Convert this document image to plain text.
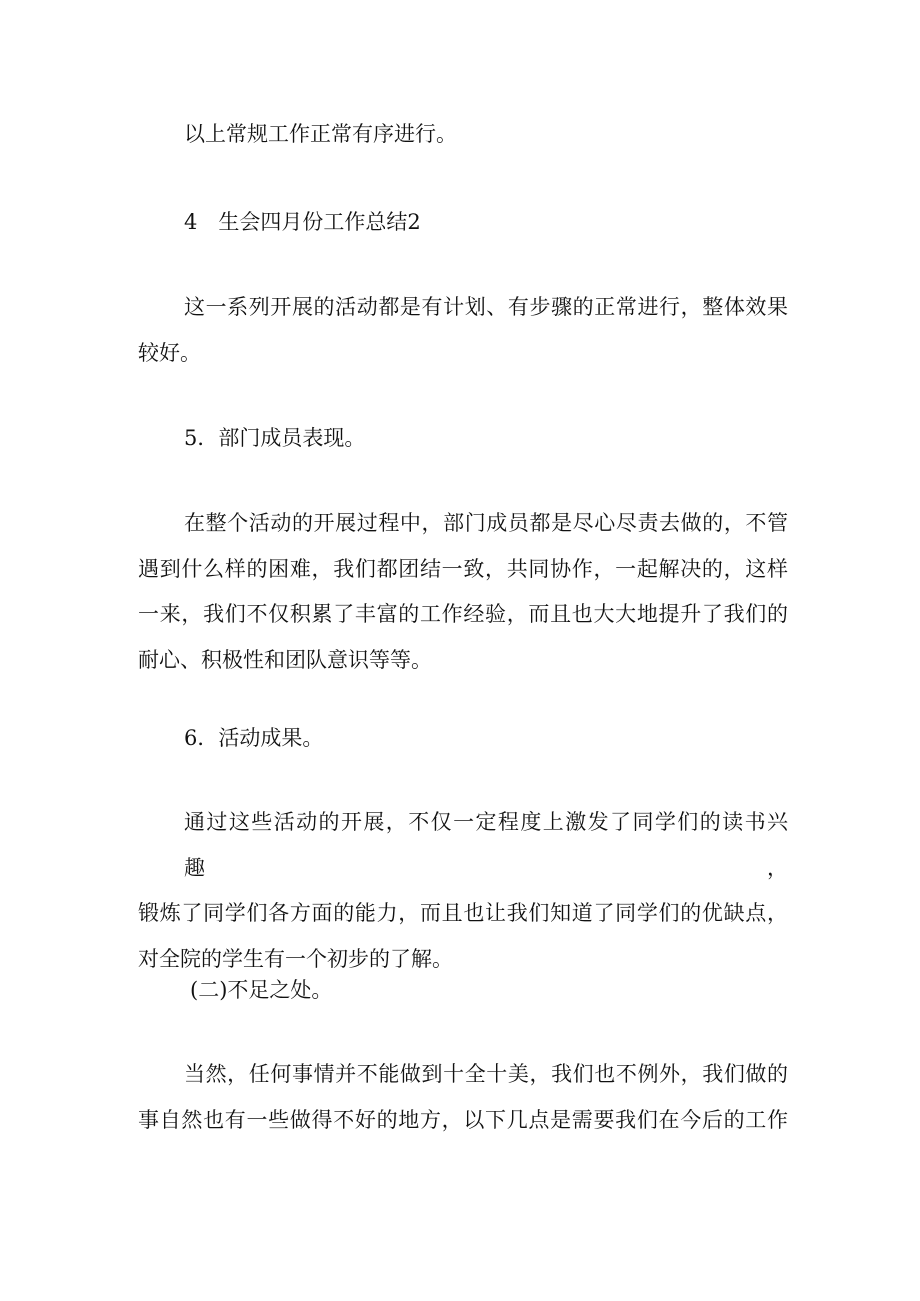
以上常规工作正常有序进行。
4　生会四月份工作总结2
这一系列开展的活动都是有计划、有步骤的正常进行，整体效果
较好。
5．部门成员表现。
在整个活动的开展过程中，部门成员都是尽心尽责去做的，不管
遇到什么样的困难，我们都团结一致，共同协作，一起解决的，这样
一来，我们不仅积累了丰富的工作经验，而且也大大地提升了我们的
耐心、积极性和团队意识等等。
6．活动成果。
通过这些活动的开展，不仅一定程度上激发了同学们的读书兴趣，
锻炼了同学们各方面的能力，而且也让我们知道了同学们的优缺点，
对全院的学生有一个初步的了解。
(二)不足之处。
当然，任何事情并不能做到十全十美，我们也不例外，我们做的
事自然也有一些做得不好的地方，以下几点是需要我们在今后的工作
